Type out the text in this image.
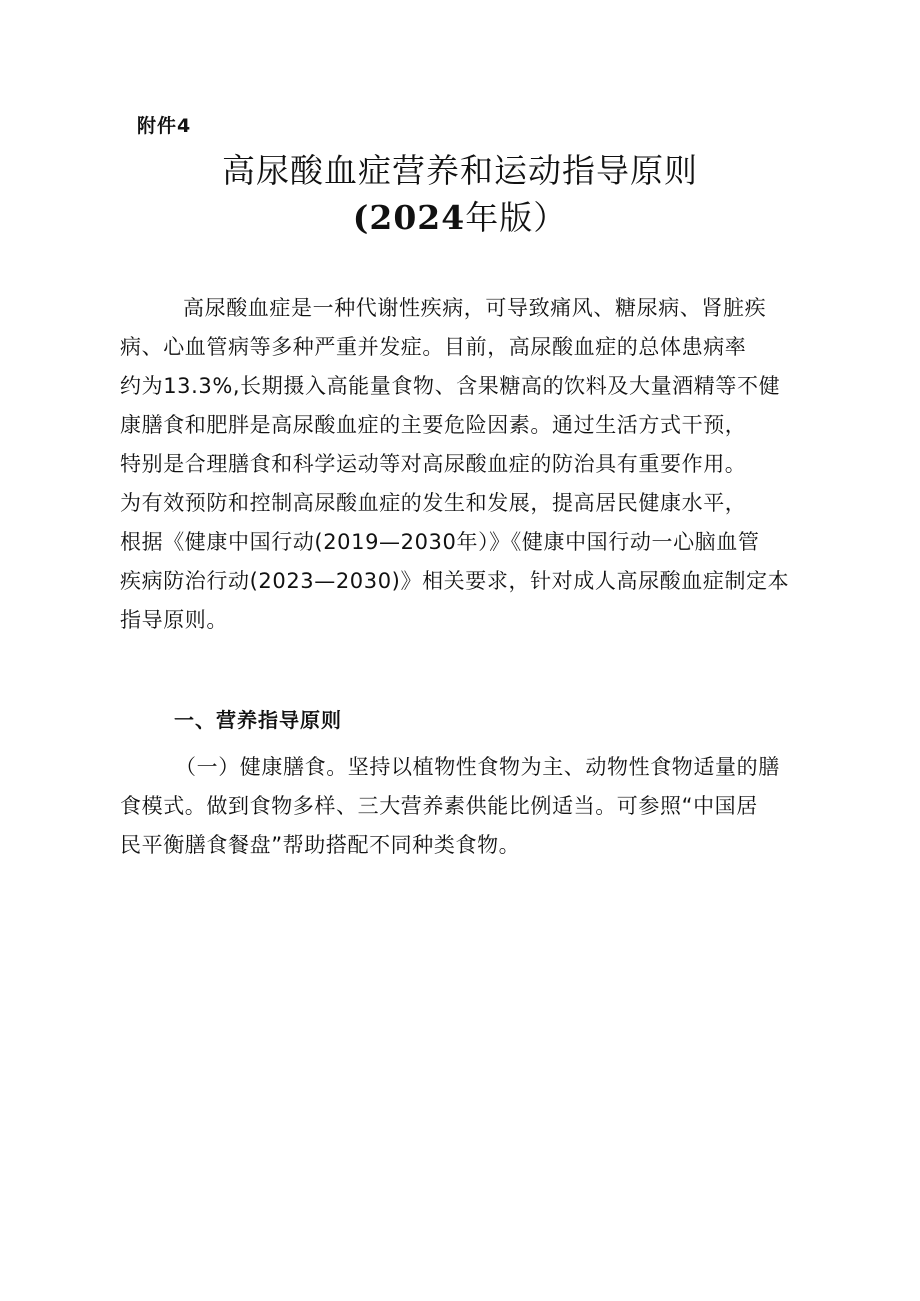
附件4
高尿酸血症营养和运动指导原则
(2024年版）
高尿酸血症是一种代谢性疾病，可导致痛风、糖尿病、肾脏疾
病、心血管病等多种严重并发症。目前，高尿酸血症的总体患病率
约为13.3%,长期摄入高能量食物、含果糖高的饮料及大量酒精等不健
康膳食和肥胖是高尿酸血症的主要危险因素。通过生活方式干预，
特别是合理膳食和科学运动等对高尿酸血症的防治具有重要作用。
为有效预防和控制高尿酸血症的发生和发展，提高居民健康水平，
根据《健康中国行动(2019—2030年）》《健康中国行动一心脑血管
疾病防治行动(2023—2030)》相关要求，针对成人高尿酸血症制定本
指导原则。
一、营养指导原则
（一）健康膳食。坚持以植物性食物为主、动物性食物适量的膳
食模式。做到食物多样、三大营养素供能比例适当。可参照“中国居
民平衡膳食餐盘”帮助搭配不同种类食物。
